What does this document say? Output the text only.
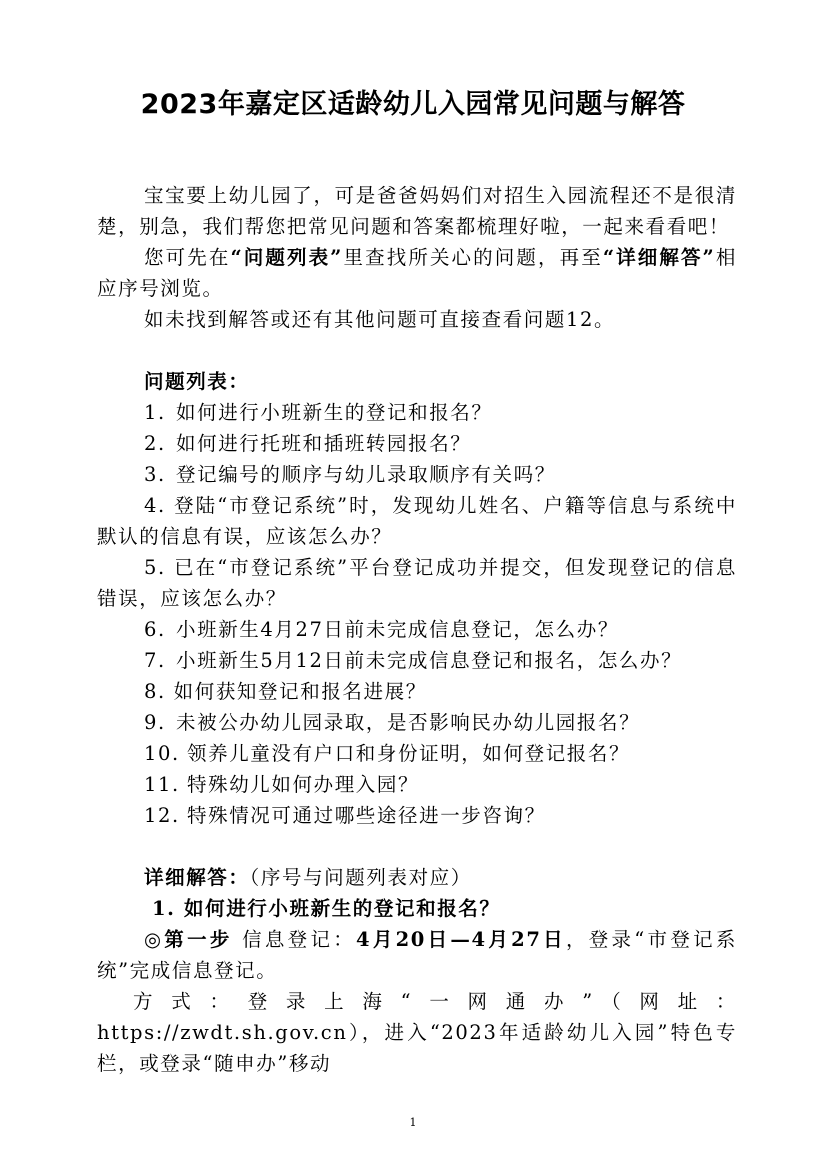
2023年嘉定区适龄幼儿入园常见问题与解答

宝宝要上幼儿园了，可是爸爸妈妈们对招生入园流程还不是很清楚，别急，我们帮您把常见问题和答案都梳理好啦，一起来看看吧！

您可先在“问题列表”里查找所关心的问题，再至“详细解答”相应序号浏览。

如未找到解答或还有其他问题可直接查看问题12。

问题列表：

1. 如何进行小班新生的登记和报名？

2. 如何进行托班和插班转园报名？

3. 登记编号的顺序与幼儿录取顺序有关吗？

4. 登陆“市登记系统”时，发现幼儿姓名、户籍等信息与系统中默认的信息有误，应该怎么办？

5. 已在“市登记系统”平台登记成功并提交，但发现登记的信息错误，应该怎么办？

6. 小班新生4月27日前未完成信息登记，怎么办？

7. 小班新生5月12日前未完成信息登记和报名，怎么办？

8. 如何获知登记和报名进展？

9. 未被公办幼儿园录取，是否影响民办幼儿园报名？

10. 领养儿童没有户口和身份证明，如何登记报名？

11. 特殊幼儿如何办理入园？

12. 特殊情况可通过哪些途径进一步咨询？

详细解答：（序号与问题列表对应）

1. 如何进行小班新生的登记和报名？

◎第一步 信息登记：4月20日—4月27日，登录“市登记系统”完成信息登记。

方式：登录上海“一网通办”（网址：https://zwdt.sh.gov.cn），进入“2023年适龄幼儿入园”特色专栏，或登录“随申办”移动

1
